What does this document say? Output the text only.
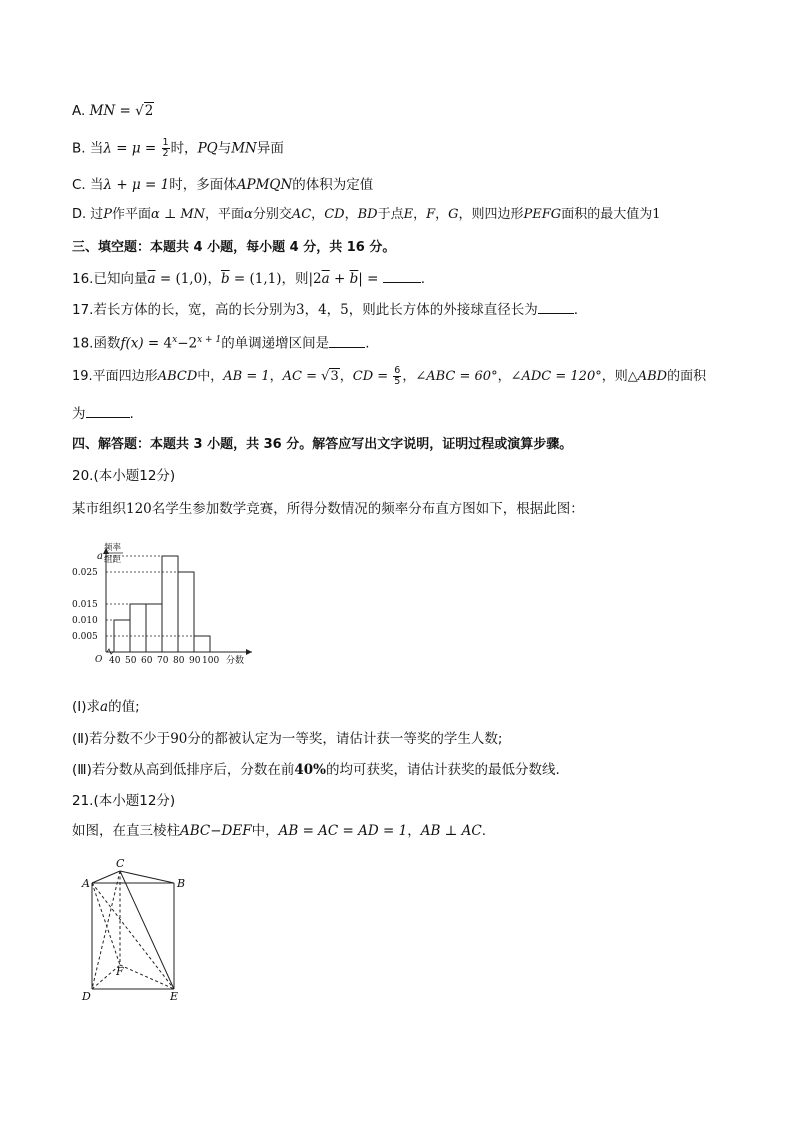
A. MN = √2
B. 当$\lambda = \mu = \frac{1}{2}$ 时，PQ与MN异面
C. 当λ + μ = 1时，多面体APMQN的体积为定值
D. 过P作平面α ⊥ MN，平面α分别交AC，CD，BD于点E，F，G，则四边形PEFG面积的最大值为1
三、填空题：本题共 4 小题，每小题 4 分，共 16 分。
16.已知向量$\overline{a} = (1,0)$，$\overline{b} = (1,1)$，则$|2\overline{a} + \overline{b}|$ =	.
17.若长方体的长，宽，高的长分别为3，4，5，则此长方体的外接球直径长为	.
18.函数$f(x) = 4^x-2^{x + 1}$的单调递增区间是	.
19.平面四边形ABCD中，AB = 1，AC = √3，CD = $\frac{6}{5}$ ，∠ABC = 60°，∠ADC = 120°，则△ABD的面积
为	.
四、解答题：本题共 3 小题，共 36 分。解答应写出文字说明，证明过程或演算步骤。
20.(本小题12分)
某市组织120名学生参加数学竞赛，所得分数情况的频率分布直方图如下，根据此图：
频率
组距
O
0.005
0.010
0.015
0.025
a
40 50 60 70 80 90 100 分数
(Ⅰ)求a的值;
(Ⅱ)若分数不少于90分的都被认定为一等奖，请估计获一等奖的学生人数;
(Ⅲ)若分数从高到低排序后，分数在前40%的均可获奖，请估计获奖的最低分数线.
21.(本小题12分)
如图，在直三棱柱ABC−DEF中，AB = AC = AD = 1，AB ⊥ AC.
C
A	B
F
D	E
